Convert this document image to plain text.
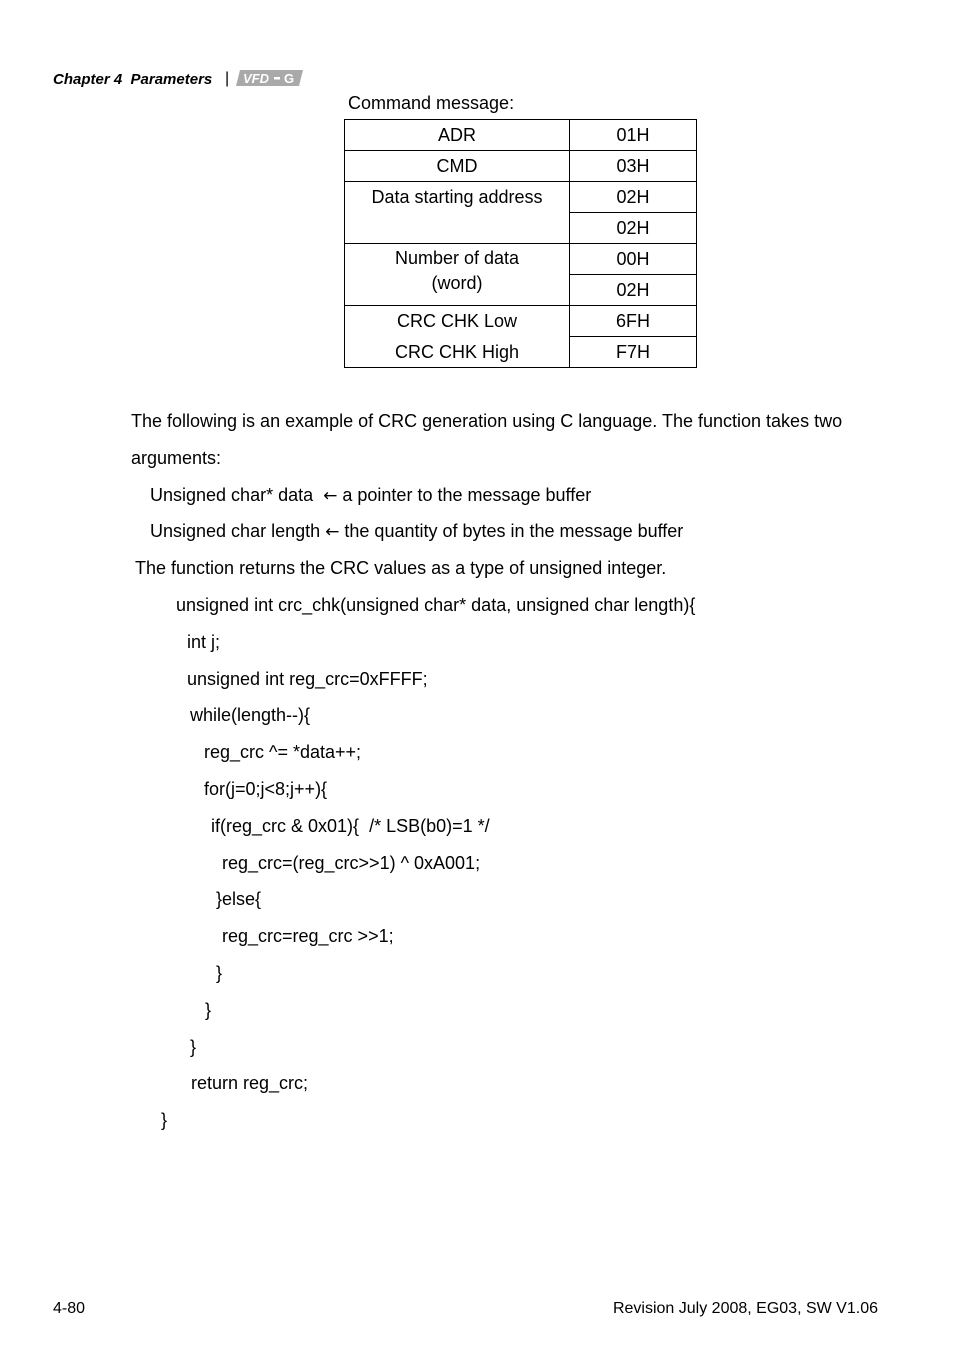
Chapter 4  Parameters | VFD G
Command message:
ADR	01H
CMD	03H
Data starting address	02H
	02H

Number of data
(word)	00H
	02H
CRC CHK Low	6FH
CRC CHK High	F7H
The following is an example of CRC generation using C language. The function takes two
arguments:
Unsigned char* data ← a pointer to the message buffer
Unsigned char length ← the quantity of bytes in the message buffer
The function returns the CRC values as a type of unsigned integer.
unsigned int crc_chk(unsigned char* data, unsigned char length){
int j;
unsigned int reg_crc=0xFFFF;
while(length--){
reg_crc ^= *data++;
for(j=0;j<8;j++){
if(reg_crc & 0x01){  /* LSB(b0)=1 */
reg_crc=(reg_crc>>1) ^ 0xA001;
}else{
reg_crc=reg_crc >>1;
}
}
}
return reg_crc;
}
4-80	Revision July 2008, EG03, SW V1.06
